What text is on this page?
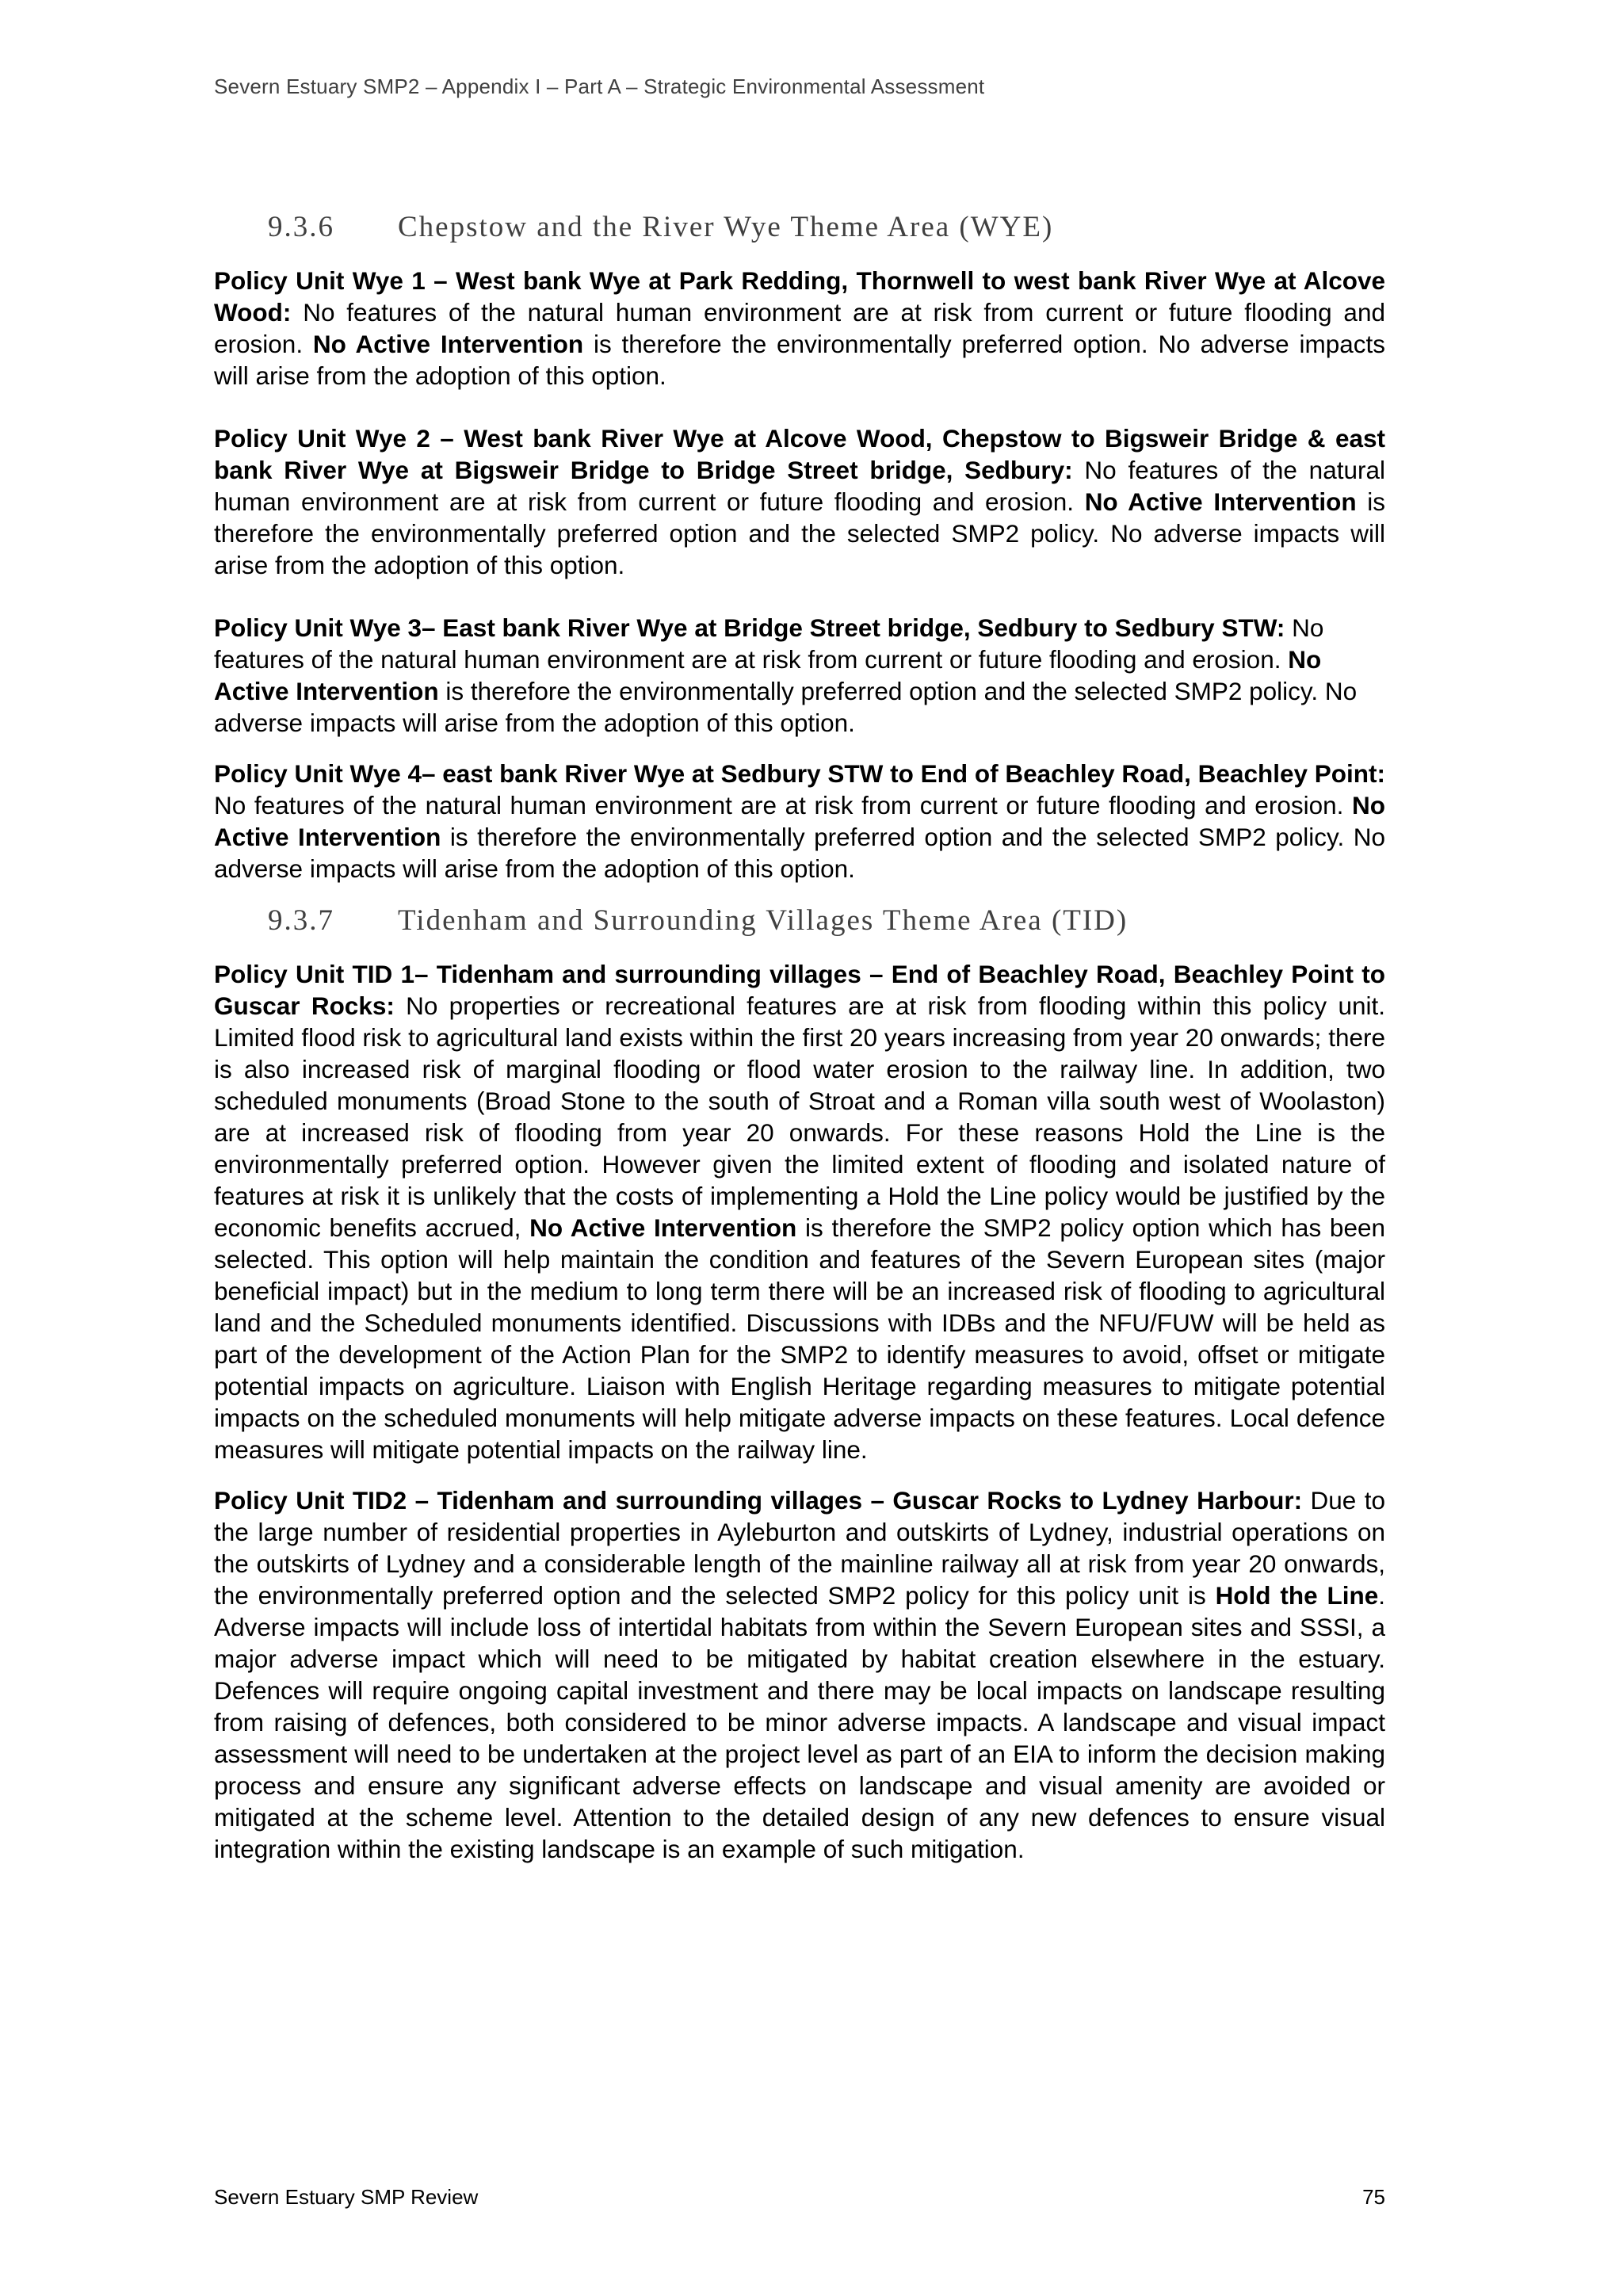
Severn Estuary SMP2 – Appendix I – Part A – Strategic Environmental Assessment
9.3.6	Chepstow and the River Wye Theme Area (WYE)

Policy Unit Wye 1 – West bank Wye at Park Redding, Thornwell to west bank River Wye at Alcove Wood: No features of the natural human environment are at risk from current or future flooding and erosion. No Active Intervention is therefore the environmentally preferred option. No adverse impacts will arise from the adoption of this option.

Policy Unit Wye 2 – West bank River Wye at Alcove Wood, Chepstow to Bigsweir Bridge & east bank River Wye at Bigsweir Bridge to Bridge Street bridge, Sedbury: No features of the natural human environment are at risk from current or future flooding and erosion. No Active Intervention is therefore the environmentally preferred option and the selected SMP2 policy. No adverse impacts will arise from the adoption of this option.

Policy Unit Wye 3– East bank River Wye at Bridge Street bridge, Sedbury to Sedbury STW: No features of the natural human environment are at risk from current or future flooding and erosion. No Active Intervention is therefore the environmentally preferred option and the selected SMP2 policy. No adverse impacts will arise from the adoption of this option.

Policy Unit Wye 4– east bank River Wye at Sedbury STW to End of Beachley Road, Beachley Point: No features of the natural human environment are at risk from current or future flooding and erosion. No Active Intervention is therefore the environmentally preferred option and the selected SMP2 policy. No adverse impacts will arise from the adoption of this option.

9.3.7	Tidenham and Surrounding Villages Theme Area (TID)

Policy Unit TID 1– Tidenham and surrounding villages – End of Beachley Road, Beachley Point to Guscar Rocks: No properties or recreational features are at risk from flooding within this policy unit. Limited flood risk to agricultural land exists within the first 20 years increasing from year 20 onwards; there is also increased risk of marginal flooding or flood water erosion to the railway line. In addition, two scheduled monuments (Broad Stone to the south of Stroat and a Roman villa south west of Woolaston) are at increased risk of flooding from year 20 onwards. For these reasons Hold the Line is the environmentally preferred option. However given the limited extent of flooding and isolated nature of features at risk it is unlikely that the costs of implementing a Hold the Line policy would be justified by the economic benefits accrued, No Active Intervention is therefore the SMP2 policy option which has been selected. This option will help maintain the condition and features of the Severn European sites (major beneficial impact) but in the medium to long term there will be an increased risk of flooding to agricultural land and the Scheduled monuments identified. Discussions with IDBs and the NFU/FUW will be held as part of the development of the Action Plan for the SMP2 to identify measures to avoid, offset or mitigate potential impacts on agriculture. Liaison with English Heritage regarding measures to mitigate potential impacts on the scheduled monuments will help mitigate adverse impacts on these features. Local defence measures will mitigate potential impacts on the railway line.

Policy Unit TID2 – Tidenham and surrounding villages – Guscar Rocks to Lydney Harbour: Due to the large number of residential properties in Ayleburton and outskirts of Lydney, industrial operations on the outskirts of Lydney and a considerable length of the mainline railway all at risk from year 20 onwards, the environmentally preferred option and the selected SMP2 policy for this policy unit is Hold the Line. Adverse impacts will include loss of intertidal habitats from within the Severn European sites and SSSI, a major adverse impact which will need to be mitigated by habitat creation elsewhere in the estuary. Defences will require ongoing capital investment and there may be local impacts on landscape resulting from raising of defences, both considered to be minor adverse impacts. A landscape and visual impact assessment will need to be undertaken at the project level as part of an EIA to inform the decision making process and ensure any significant adverse effects on landscape and visual amenity are avoided or mitigated at the scheme level. Attention to the detailed design of any new defences to ensure visual integration within the existing landscape is an example of such mitigation.

Severn Estuary SMP Review	75
